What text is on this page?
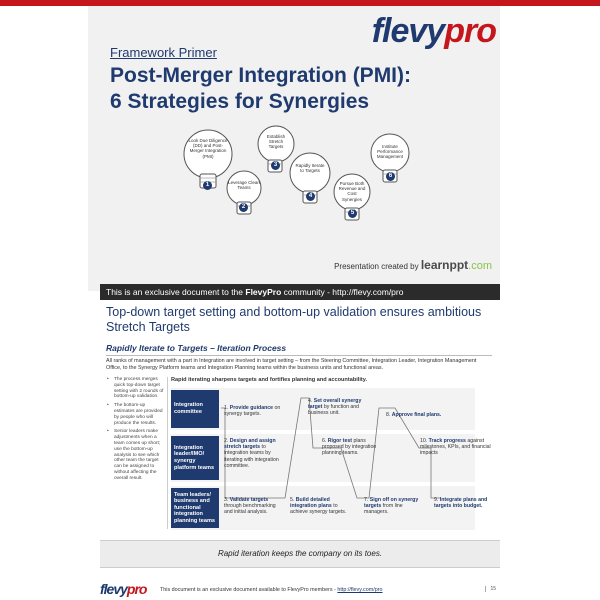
flevypro
Framework Primer
Post-Merger Integration (PMI):
6 Strategies for Synergies
Look Due Diligence (DD) and Post-Merger Integration (PMI)
1	Leverage Clean Teams
2
Establish Stretch Targets
3	Rapidly Iterate to Targets
4
Pursue Both Revenue and Cost Synergies
5
Institute Performance Management
6
Presentation created by learnppt.com
This is an exclusive document to the FlevyPro community - http://flevy.com/pro
Top-down target setting and bottom-up validation ensures ambitious Stretch Targets
Rapidly Iterate to Targets – Iteration Process
All ranks of management with a part in Integration are involved in target setting – from the Steering Committee, Integration Leader, Integration Management Office, to the Synergy Platform teams and Integration Planning teams within the business units and functional areas.
• The process merges quick top-down target setting with 2 rounds of bottom-up validation.
• The bottom-up estimates are provided by people who will produce the results.
• Senior leaders make adjustments when a team comes up short; use the bottom-up analysis to see which other team the target can be assigned to without affecting the overall result.
Rapid iterating sharpens targets and fortifies planning and accountability.
Integration committee
Integration leader/IMO/ synergy platform teams
Team leaders/ business and functional integration planning teams
1. Provide guidance on synergy targets.
2. Design and assign stretch targets to integration teams by iterating with integration committee.
3. Validate targets through benchmarking and initial analysis.
4. Set overall synergy target by function and business unit.
5. Build detailed integration plans to achieve synergy targets.
6. Rigor test plans proposed by integration planning teams.
7. Sign off on synergy targets from line managers.
8. Approve final plans.
9. Integrate plans and targets into budget.
10. Track progress against milestones, KPIs, and financial impacts
Rapid iteration keeps the company on its toes.
flevypro	This document is an exclusive document available to FlevyPro members - http://flevy.com/pro	15
